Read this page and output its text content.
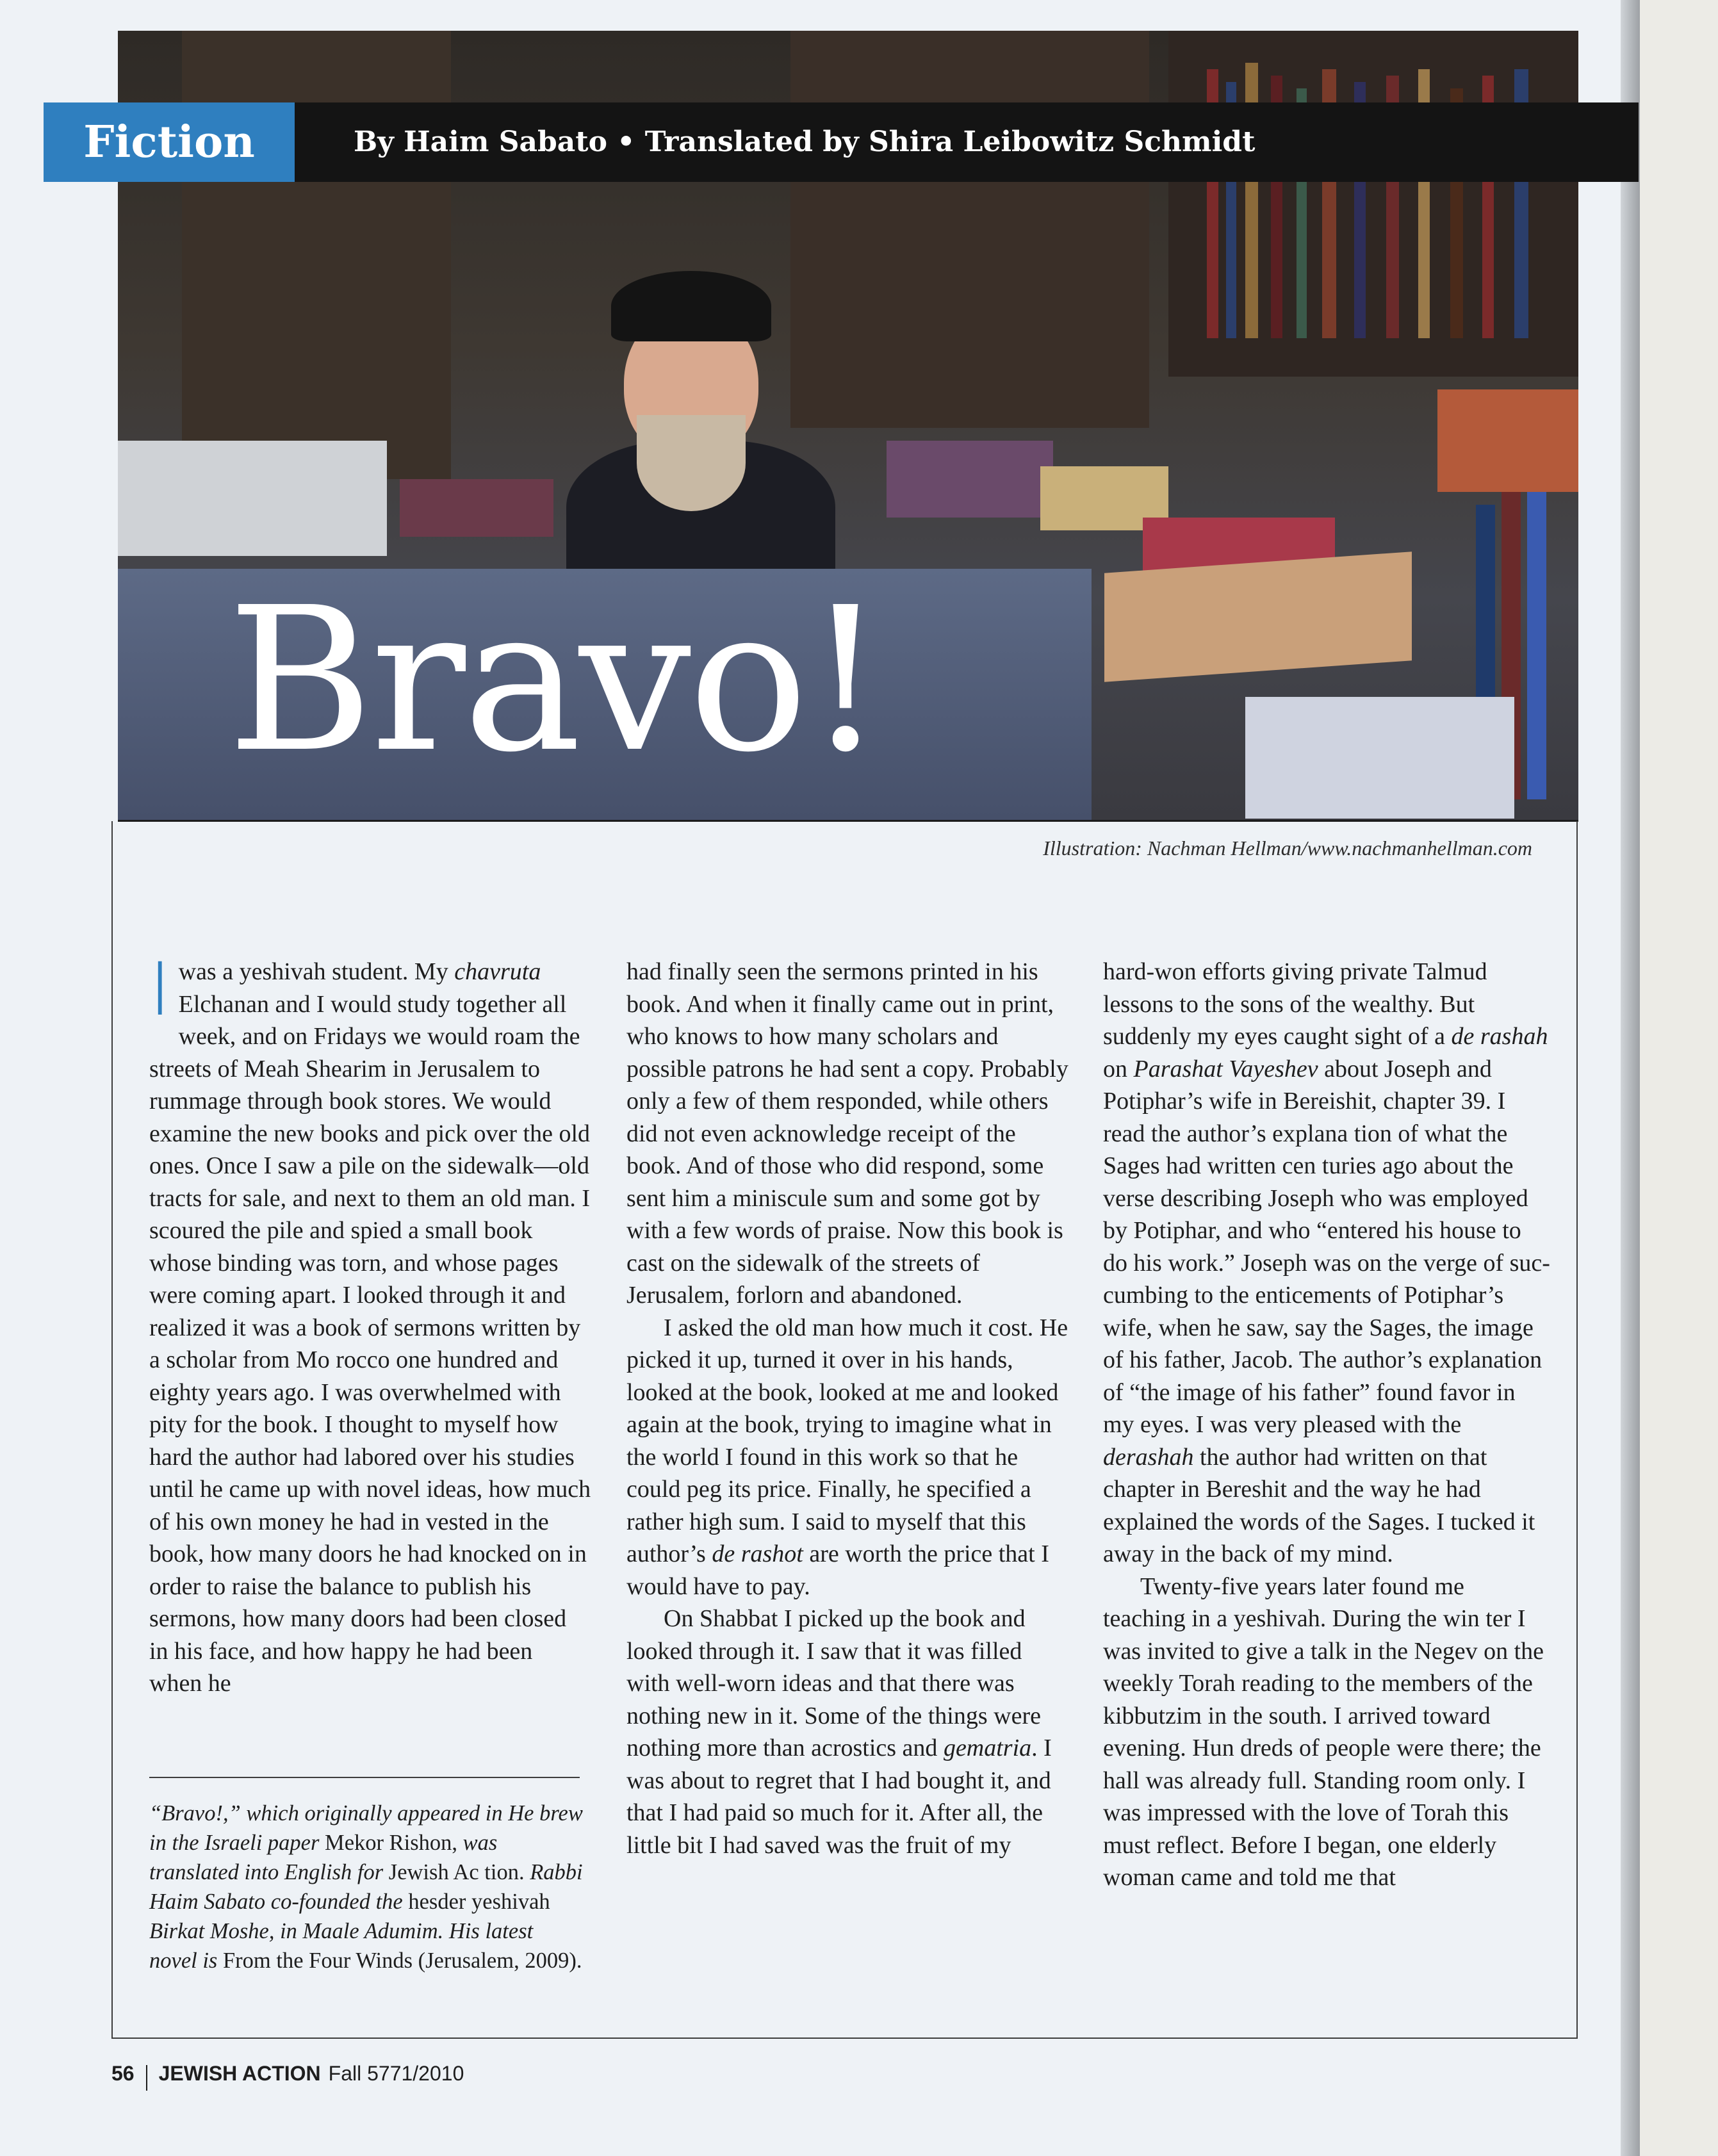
Fiction	By Haim Sabato • Translated by Shira Leibowitz Schmidt
Bravo!
Illustration: Nachman Hellman/www.nachmanhellman.com
I was a yeshivah student. My chavruta Elchanan and I would study together all week, and on Fridays we would roam the streets of Meah Shearim in Jerusalem to rummage through book stores. We would examine the new books and pick over the old ones. Once I saw a pile on the sidewalk—old tracts for sale, and next to them an old man. I scoured the pile and spied a small book whose binding was torn, and whose pages were coming apart. I looked through it and realized it was a book of sermons written by a scholar from Mo rocco one hundred and eighty years ago. I was overwhelmed with pity for the book. I thought to myself how hard the author had labored over his studies until he came up with novel ideas, how much of his own money he had in vested in the book, how many doors he had knocked on in order to raise the balance to publish his sermons, how many doors had been closed in his face, and how happy he had been when he

had finally seen the sermons printed in his book. And when it finally came out in print, who knows to how many scholars and possible patrons he had sent a copy. Probably only a few of them responded, while others did not even acknowledge receipt of the book. And of those who did respond, some sent him a miniscule sum and some got by with a few words of praise. Now this book is cast on the sidewalk of the streets of Jerusalem, forlorn and abandoned.

I asked the old man how much it cost. He picked it up, turned it over in his hands, looked at the book, looked at me and looked again at the book, trying to imagine what in the world I found in this work so that he could peg its price. Finally, he specified a rather high sum. I said to myself that this author’s de rashot are worth the price that I would have to pay.

On Shabbat I picked up the book and looked through it. I saw that it was filled with well-worn ideas and that there was nothing new in it. Some of the things were nothing more than acrostics and gematria. I was about to regret that I had bought it, and that I had paid so much for it. After all, the little bit I had saved was the fruit of my

hard-won efforts giving private Talmud lessons to the sons of the wealthy. But suddenly my eyes caught sight of a de rashah on Parashat Vayeshev about Joseph and Potiphar’s wife in Bereishit, chapter 39. I read the author’s explana tion of what the Sages had written cen turies ago about the verse describing Joseph who was employed by Potiphar, and who “entered his house to do his work.” Joseph was on the verge of suc cumbing to the enticements of Potiphar’s wife, when he saw, say the Sages, the image of his father, Jacob. The author’s explanation of “the image of his father” found favor in my eyes. I was very pleased with the derashah the author had written on that chapter in Bereshit and the way he had explained the words of the Sages. I tucked it away in the back of my mind.

Twenty-five years later found me teaching in a yeshivah. During the win ter I was invited to give a talk in the Negev on the weekly Torah reading to the members of the kibbutzim in the south. I arrived toward evening. Hun dreds of people were there; the hall was already full. Standing room only. I was impressed with the love of Torah this must reflect. Before I began, one elderly woman came and told me that

“Bravo!,” which originally appeared in He brew in the Israeli paper Mekor Rishon, was translated into English for Jewish Ac tion. Rabbi Haim Sabato co-founded the hesder yeshivah Birkat Moshe, in Maale Adumim. His latest novel is From the Four Winds (Jerusalem, 2009).
56 JEWISH ACTION Fall 5771/2010
